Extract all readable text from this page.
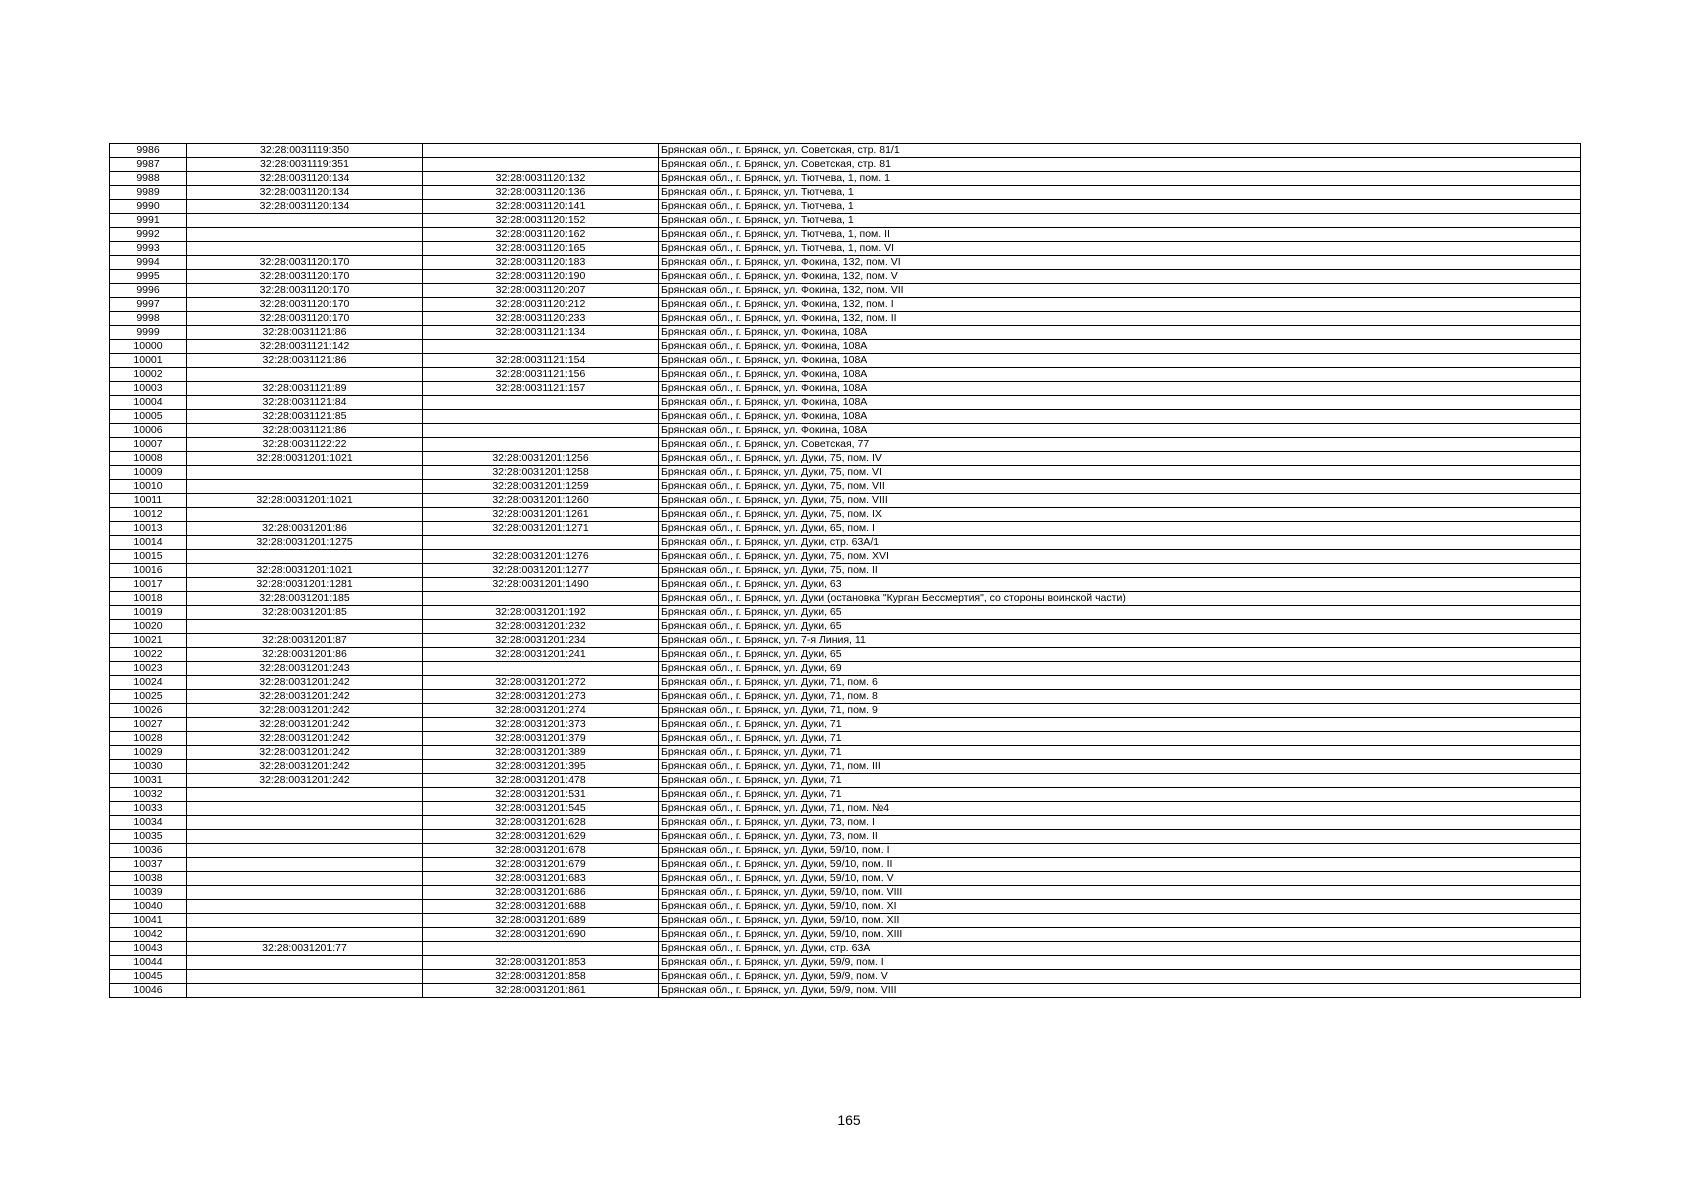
9986	32:28:0031119:350		Брянская обл., г. Брянск, ул. Советская, стр. 81/1
9987	32:28:0031119:351		Брянская обл., г. Брянск, ул. Советская, стр. 81
9988	32:28:0031120:134	32:28:0031120:132	Брянская обл., г. Брянск, ул. Тютчева, 1, пом. 1
9989	32:28:0031120:134	32:28:0031120:136	Брянская обл., г. Брянск, ул. Тютчева, 1
9990	32:28:0031120:134	32:28:0031120:141	Брянская обл., г. Брянск, ул. Тютчева, 1
9991		32:28:0031120:152	Брянская обл., г. Брянск, ул. Тютчева, 1
9992		32:28:0031120:162	Брянская обл., г. Брянск, ул. Тютчева, 1, пом. II
9993		32:28:0031120:165	Брянская обл., г. Брянск, ул. Тютчева, 1, пом. VI
9994	32:28:0031120:170	32:28:0031120:183	Брянская обл., г. Брянск, ул. Фокина, 132, пом. VI
9995	32:28:0031120:170	32:28:0031120:190	Брянская обл., г. Брянск, ул. Фокина, 132, пом. V
9996	32:28:0031120:170	32:28:0031120:207	Брянская обл., г. Брянск, ул. Фокина, 132, пом. VII
9997	32:28:0031120:170	32:28:0031120:212	Брянская обл., г. Брянск, ул. Фокина, 132, пом. I
9998	32:28:0031120:170	32:28:0031120:233	Брянская обл., г. Брянск, ул. Фокина, 132, пом. II
9999	32:28:0031121:86	32:28:0031121:134	Брянская обл., г. Брянск, ул. Фокина, 108А
10000	32:28:0031121:142		Брянская обл., г. Брянск, ул. Фокина, 108А
10001	32:28:0031121:86	32:28:0031121:154	Брянская обл., г. Брянск, ул. Фокина, 108А
10002		32:28:0031121:156	Брянская обл., г. Брянск, ул. Фокина, 108А
10003	32:28:0031121:89	32:28:0031121:157	Брянская обл., г. Брянск, ул. Фокина, 108А
10004	32:28:0031121:84		Брянская обл., г. Брянск, ул. Фокина, 108А
10005	32:28:0031121:85		Брянская обл., г. Брянск, ул. Фокина, 108А
10006	32:28:0031121:86		Брянская обл., г. Брянск, ул. Фокина, 108А
10007	32:28:0031122:22		Брянская обл., г. Брянск, ул. Советская, 77
10008	32:28:0031201:1021	32:28:0031201:1256	Брянская обл., г. Брянск, ул. Дуки, 75, пом. IV
10009		32:28:0031201:1258	Брянская обл., г. Брянск, ул. Дуки, 75, пом. VI
10010		32:28:0031201:1259	Брянская обл., г. Брянск, ул. Дуки, 75, пом. VII
10011	32:28:0031201:1021	32:28:0031201:1260	Брянская обл., г. Брянск, ул. Дуки, 75, пом. VIII
10012		32:28:0031201:1261	Брянская обл., г. Брянск, ул. Дуки, 75, пом. IX
10013	32:28:0031201:86	32:28:0031201:1271	Брянская обл., г. Брянск, ул. Дуки, 65, пом. I
10014	32:28:0031201:1275		Брянская обл., г. Брянск, ул. Дуки, стр. 63А/1
10015		32:28:0031201:1276	Брянская обл., г. Брянск, ул. Дуки, 75, пом. XVI
10016	32:28:0031201:1021	32:28:0031201:1277	Брянская обл., г. Брянск, ул. Дуки, 75, пом. II
10017	32:28:0031201:1281	32:28:0031201:1490	Брянская обл., г. Брянск, ул. Дуки, 63
10018	32:28:0031201:185		Брянская обл., г. Брянск, ул. Дуки (остановка "Курган Бессмертия", со стороны воинской части)
10019	32:28:0031201:85	32:28:0031201:192	Брянская обл., г. Брянск, ул. Дуки, 65
10020		32:28:0031201:232	Брянская обл., г. Брянск, ул. Дуки, 65
10021	32:28:0031201:87	32:28:0031201:234	Брянская обл., г. Брянск, ул. 7-я Линия, 11
10022	32:28:0031201:86	32:28:0031201:241	Брянская обл., г. Брянск, ул. Дуки, 65
10023	32:28:0031201:243		Брянская обл., г. Брянск, ул. Дуки, 69
10024	32:28:0031201:242	32:28:0031201:272	Брянская обл., г. Брянск, ул. Дуки, 71, пом. 6
10025	32:28:0031201:242	32:28:0031201:273	Брянская обл., г. Брянск, ул. Дуки, 71, пом. 8
10026	32:28:0031201:242	32:28:0031201:274	Брянская обл., г. Брянск, ул. Дуки, 71, пом. 9
10027	32:28:0031201:242	32:28:0031201:373	Брянская обл., г. Брянск, ул. Дуки, 71
10028	32:28:0031201:242	32:28:0031201:379	Брянская обл., г. Брянск, ул. Дуки, 71
10029	32:28:0031201:242	32:28:0031201:389	Брянская обл., г. Брянск, ул. Дуки, 71
10030	32:28:0031201:242	32:28:0031201:395	Брянская обл., г. Брянск, ул. Дуки, 71, пом. III
10031	32:28:0031201:242	32:28:0031201:478	Брянская обл., г. Брянск, ул. Дуки, 71
10032		32:28:0031201:531	Брянская обл., г. Брянск, ул. Дуки, 71
10033		32:28:0031201:545	Брянская обл., г. Брянск, ул. Дуки, 71, пом. №4
10034		32:28:0031201:628	Брянская обл., г. Брянск, ул. Дуки, 73, пом. I
10035		32:28:0031201:629	Брянская обл., г. Брянск, ул. Дуки, 73, пом. II
10036		32:28:0031201:678	Брянская обл., г. Брянск, ул. Дуки, 59/10, пом. I
10037		32:28:0031201:679	Брянская обл., г. Брянск, ул. Дуки, 59/10, пом. II
10038		32:28:0031201:683	Брянская обл., г. Брянск, ул. Дуки, 59/10, пом. V
10039		32:28:0031201:686	Брянская обл., г. Брянск, ул. Дуки, 59/10, пом. VIII
10040		32:28:0031201:688	Брянская обл., г. Брянск, ул. Дуки, 59/10, пом. XI
10041		32:28:0031201:689	Брянская обл., г. Брянск, ул. Дуки, 59/10, пом. XII
10042		32:28:0031201:690	Брянская обл., г. Брянск, ул. Дуки, 59/10, пом. XIII
10043	32:28:0031201:77		Брянская обл., г. Брянск, ул. Дуки, стр. 63А
10044		32:28:0031201:853	Брянская обл., г. Брянск, ул. Дуки, 59/9, пом. I
10045		32:28:0031201:858	Брянская обл., г. Брянск, ул. Дуки, 59/9, пом. V
10046		32:28:0031201:861	Брянская обл., г. Брянск, ул. Дуки, 59/9, пом. VIII
165
